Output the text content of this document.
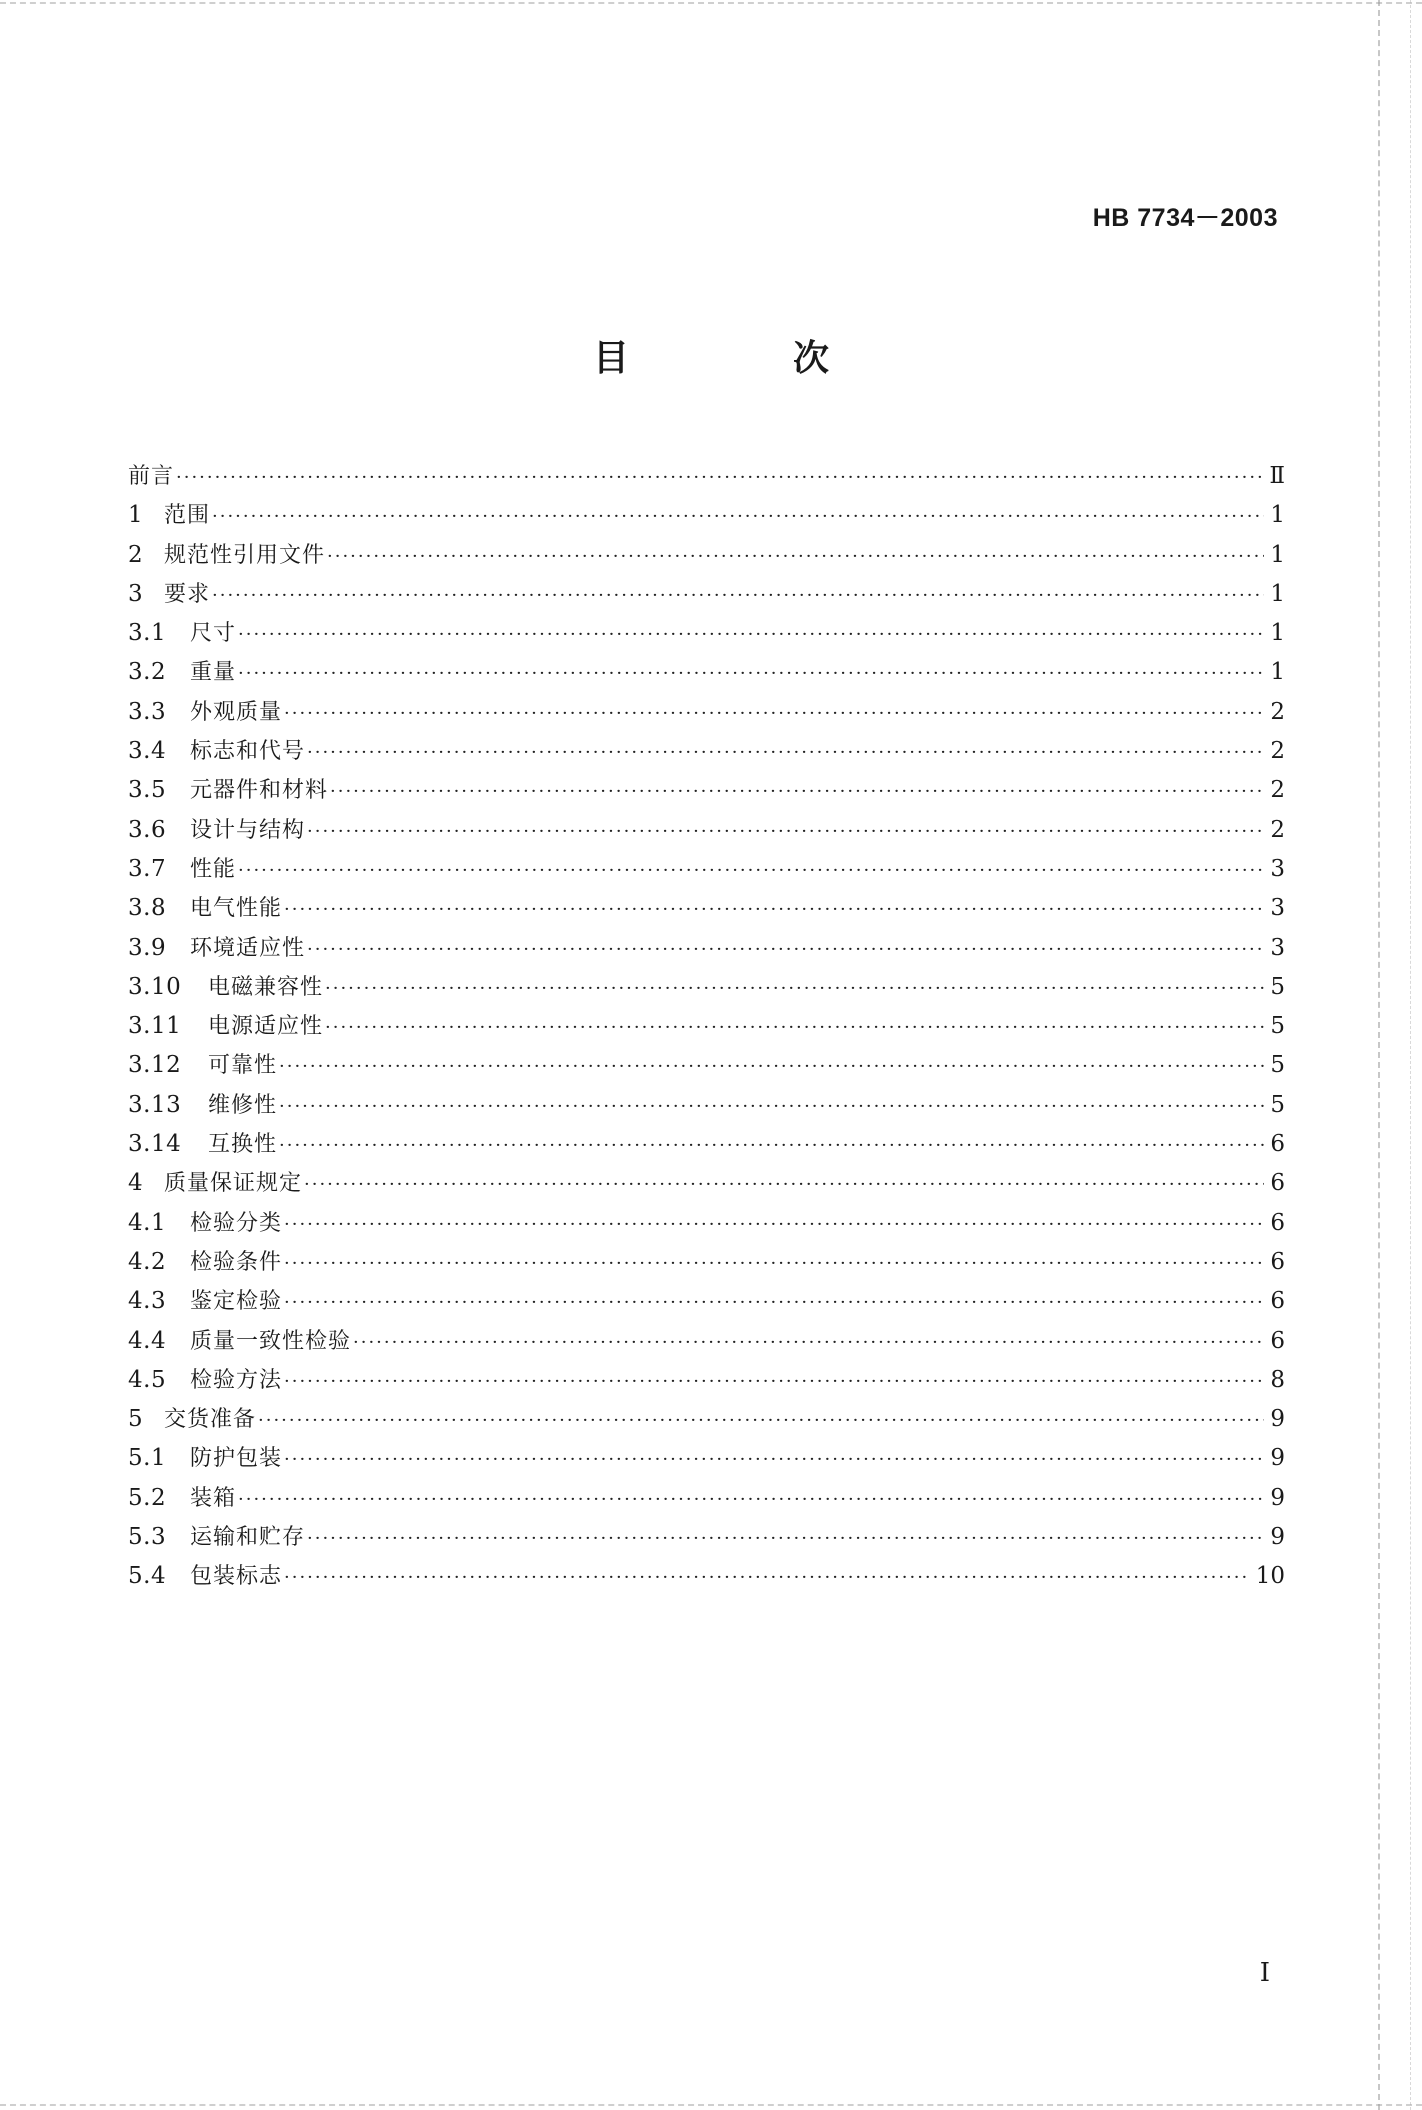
HB 7734－2003
目　次
前言 ·····	Ⅱ
1 范围 ·····	1
2 规范性引用文件 ·····	1
3 要求 ·····	1
3.1	尺寸 ·····	1
3.2	重量 ·····	1
3.3	外观质量 ·····	2
3.4	标志和代号 ·····	2
3.5	元器件和材料 ·····	2
3.6	设计与结构 ·····	2
3.7	性能 ·····	3
3.8	电气性能 ·····	3
3.9	环境适应性 ·····	3
3.10	电磁兼容性 ·····	5
3.11	电源适应性 ·····	5
3.12	可靠性 ·····	5
3.13	维修性 ·····	5
3.14	互换性 ·····	6
4 质量保证规定 ·····	6
4.1	检验分类 ·····	6
4.2	检验条件 ·····	6
4.3	鉴定检验 ·····	6
4.4	质量一致性检验 ·····	6
4.5	检验方法 ·····	8
5 交货准备 ·····	9
5.1	防护包装 ·····	9
5.2	装箱 ·····	9
5.3	运输和贮存 ·····	9
5.4	包装标志 ·····	10
I
